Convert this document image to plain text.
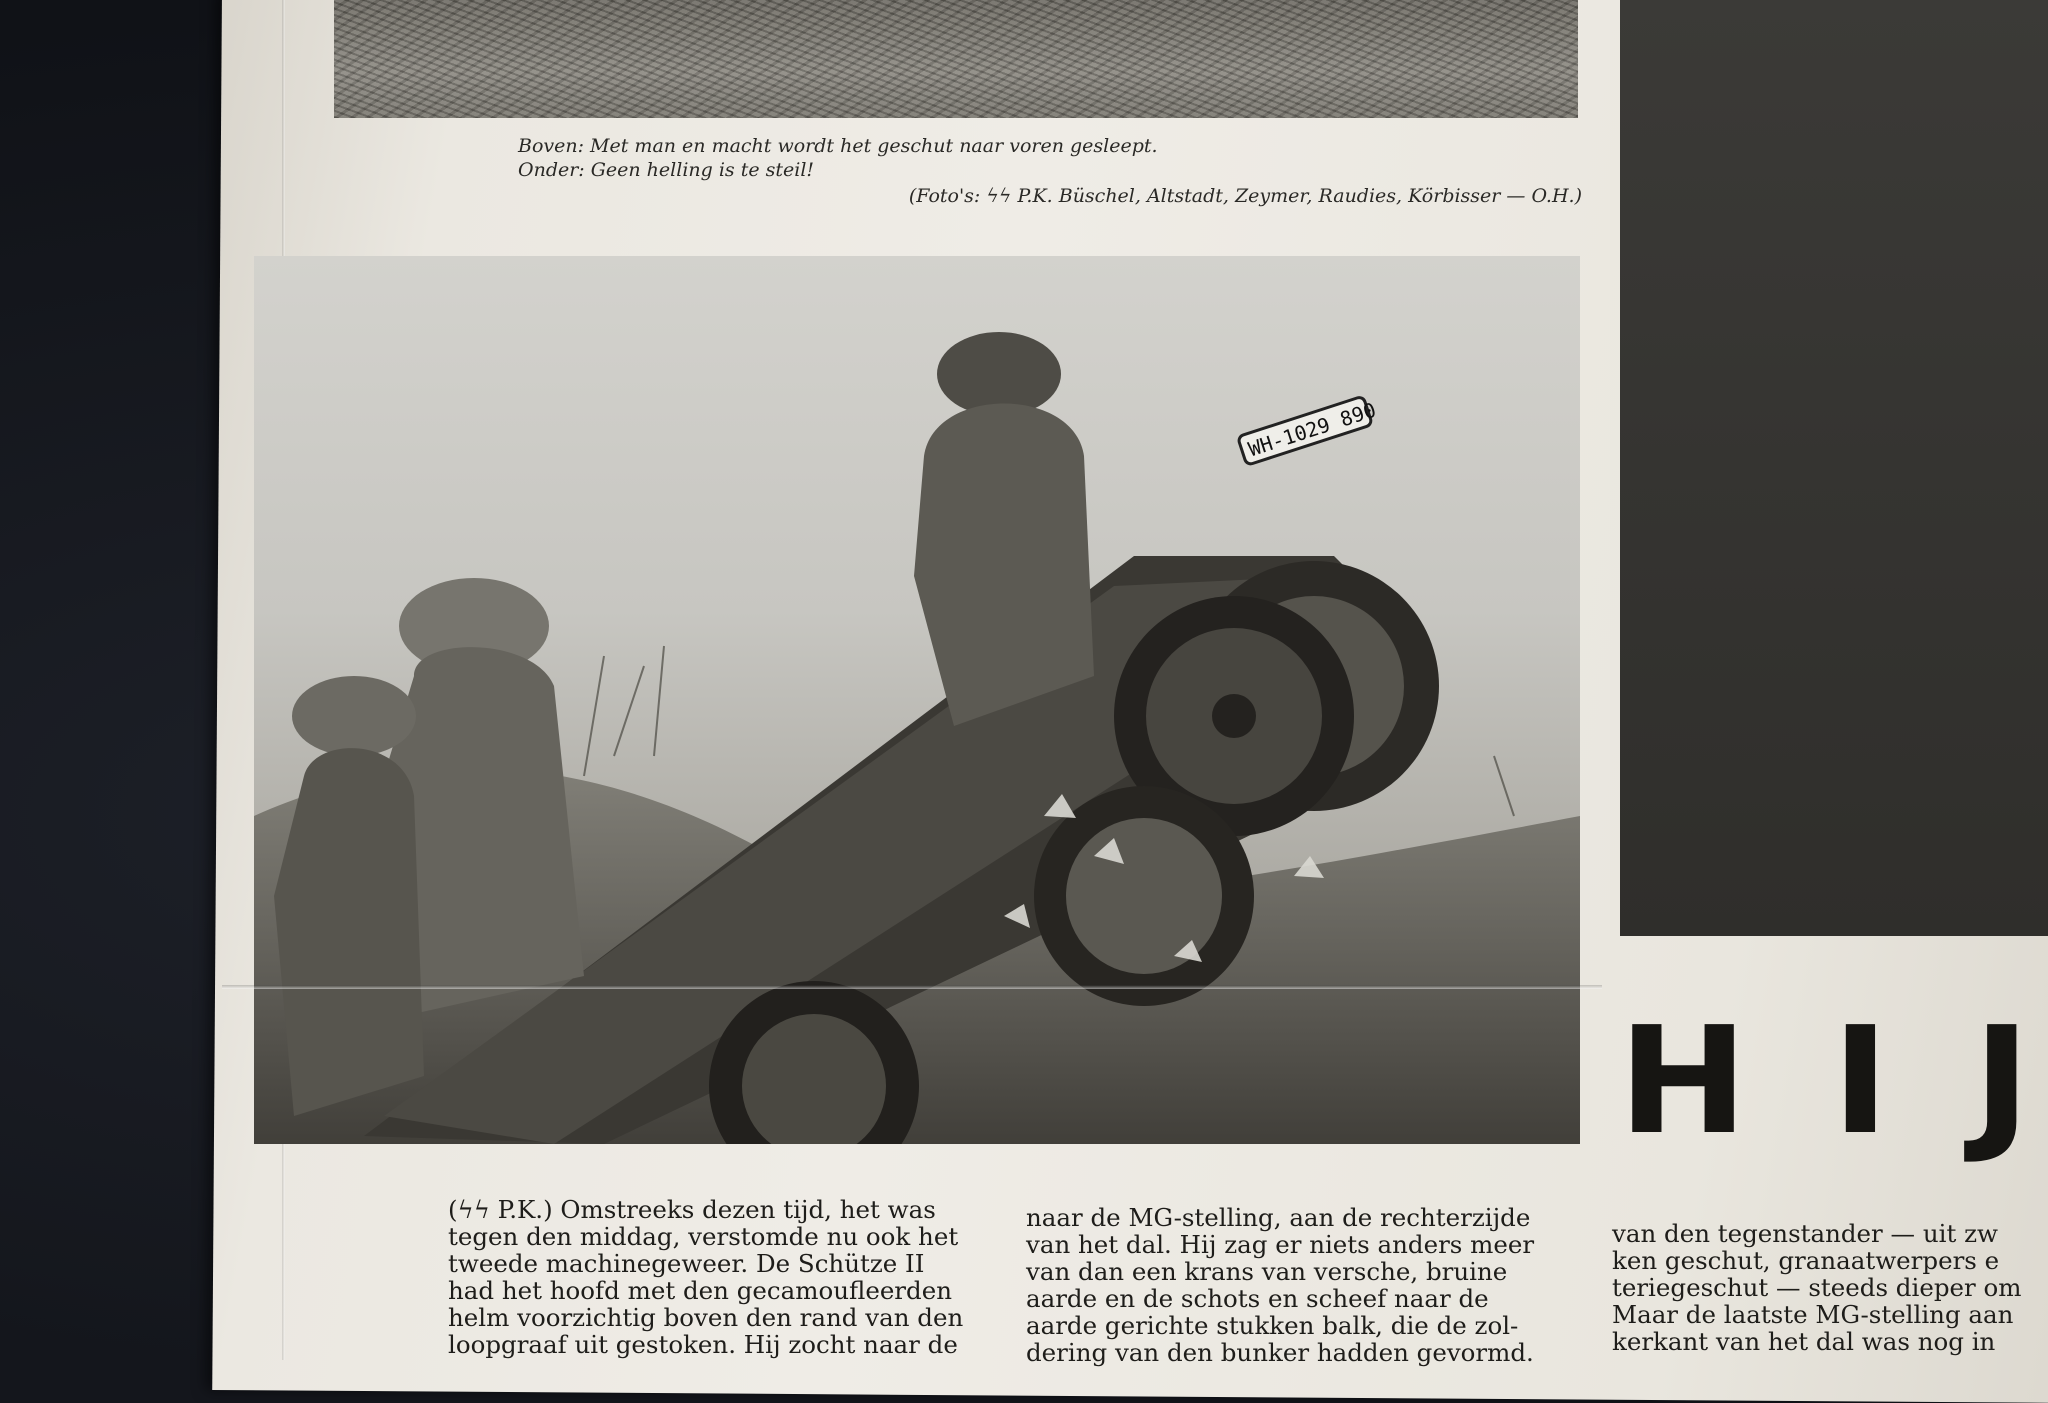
Boven: Met man en macht wordt het geschut naar voren gesleept.
Onder: Geen helling is te steil!
(Foto's: ϟϟ P.K. Büschel, Altstadt, Zeymer, Raudies, Körbisser — O.H.)
WH-1029 890
H I J
(ϟϟ P.K.) Omstreeks dezen tijd, het was
tegen den middag, verstomde nu ook het
tweede machinegeweer. De Schütze II
had het hoofd met den gecamoufleerden
helm voorzichtig boven den rand van den
loopgraaf uit gestoken. Hij zocht naar de
naar de MG-stelling, aan de rechterzijde
van het dal. Hij zag er niets anders meer
van dan een krans van versche, bruine
aarde en de schots en scheef naar de
aarde gerichte stukken balk, die de zol-
dering van den bunker hadden gevormd.
van den tegenstander — uit zw
ken geschut, granaatwerpers e
teriegeschut — steeds dieper om
Maar de laatste MG-stelling aan
kerkant van het dal was nog in
